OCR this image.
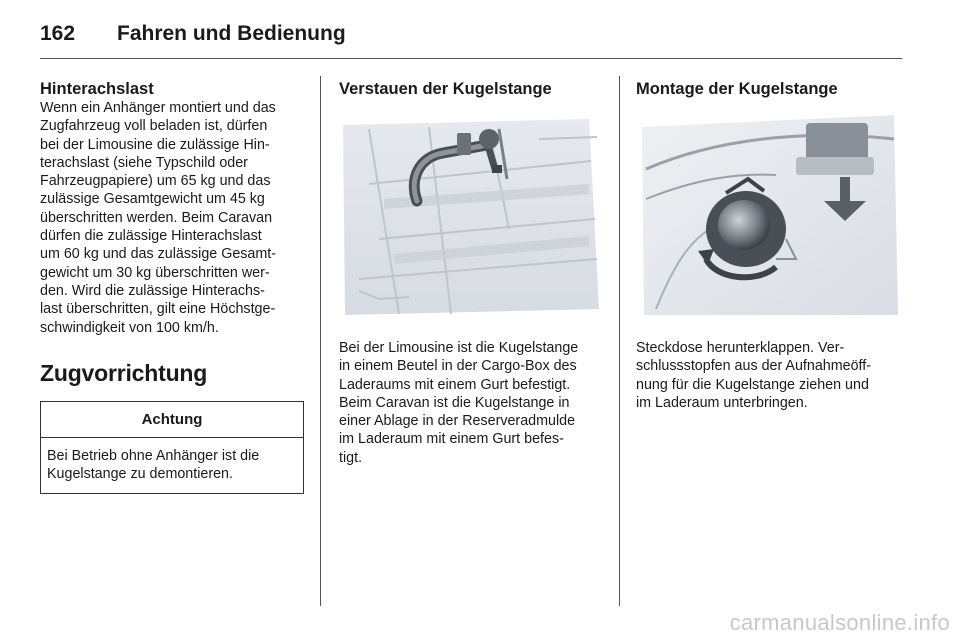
162 Fahren und Bedienung
Hinterachslast

Wenn ein Anhänger montiert und das
Zugfahrzeug voll beladen ist, dürfen
bei der Limousine die zulässige Hin-
terachslast (siehe Typschild oder
Fahrzeugpapiere) um 65 kg und das
zulässige Gesamtgewicht um 45 kg
überschritten werden. Beim Caravan
dürfen die zulässige Hinterachslast
um 60 kg und das zulässige Gesamt-
gewicht um 30 kg überschritten wer-
den. Wird die zulässige Hinterachs-
last überschritten, gilt eine Höchstge-
schwindigkeit von 100 km/h.

Zugvorrichtung
Achtung
Bei Betrieb ohne Anhänger ist die
Kugelstange zu demontieren.
Verstauen der Kugelstange

Bei der Limousine ist die Kugelstange
in einem Beutel in der Cargo-Box des
Laderaums mit einem Gurt befestigt.
Beim Caravan ist die Kugelstange in
einer Ablage in der Reserveradmulde
im Laderaum mit einem Gurt befes-
tigt.

Montage der Kugelstange

Steckdose herunterklappen. Ver-
schlussstopfen aus der Aufnahmeöff-
nung für die Kugelstange ziehen und
im Laderaum unterbringen.

carmanualsonline.info
